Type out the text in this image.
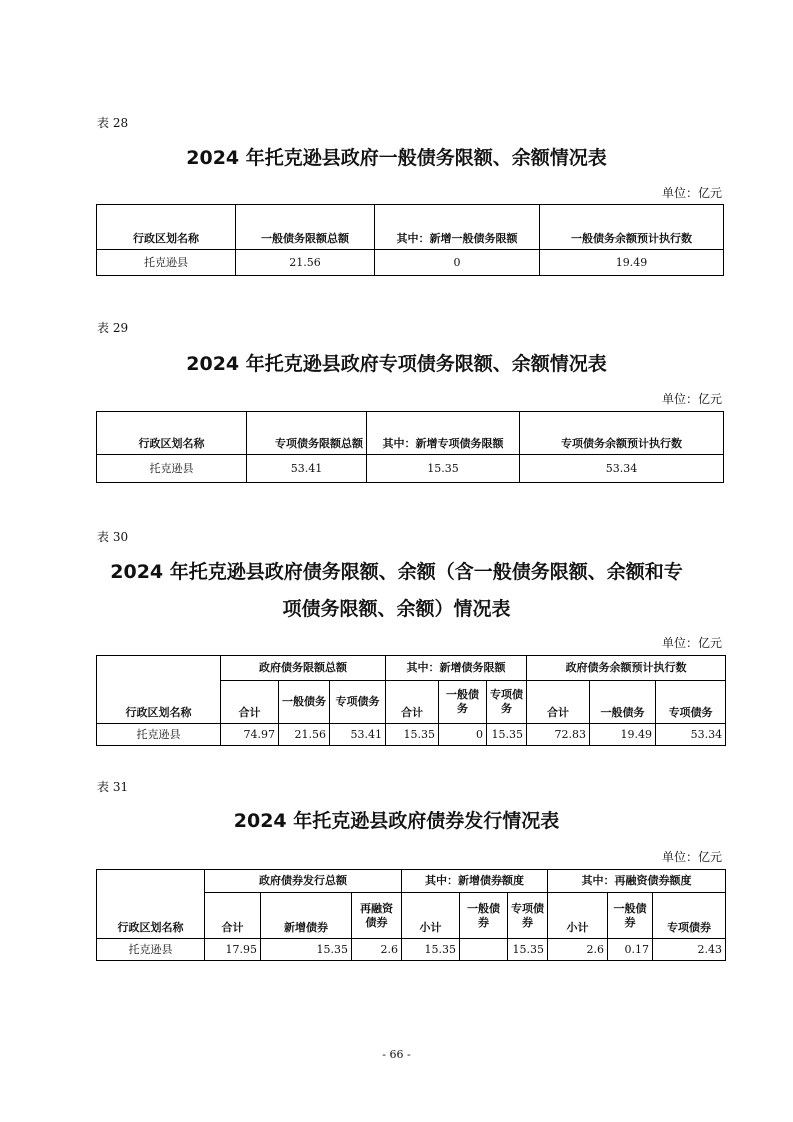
表 28
2024 年托克逊县政府一般债务限额、余额情况表
单位：亿元
行政区划名称	一般债务限额总额	其中：新增一般债务限额	一般债务余额预计执行数
托克逊县	21.56	0	19.49
表 29
2024 年托克逊县政府专项债务限额、余额情况表
单位：亿元
行政区划名称	专项债务限额总额	其中：新增专项债务限额	专项债务余额预计执行数
托克逊县	53.41	15.35	53.34
表 30
2024 年托克逊县政府债务限额、余额（含一般债务限额、余额和专
项债务限额、余额）情况表
单位：亿元
行政区划名称	政府债务限额总额			其中：新增债务限额			政府债务余额预计执行数		
	合计	一般债务	专项债务	合计	一般债务	专项债务	合计	一般债务	专项债务
托克逊县	74.97	21.56	53.41	15.35	0	15.35	72.83	19.49	53.34
表 31
2024 年托克逊县政府债券发行情况表
单位：亿元
行政区划名称	政府债券发行总额			其中：新增债券额度			其中：再融资债券额度		
	合计	新增债券	再融资债券	小计	一般债券	专项债券	小计	一般债券	专项债券
托克逊县	17.95	15.35	2.6	15.35		15.35	2.6	0.17	2.43
- 66 -
